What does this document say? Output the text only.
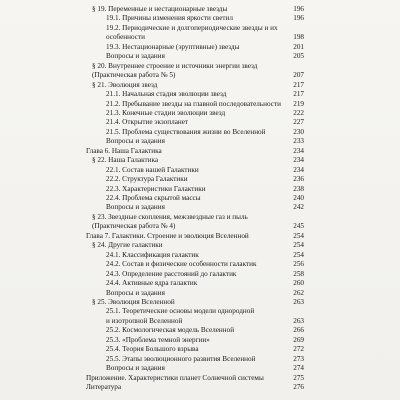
§ 19. Переменные и нестационарные звезды	196
19.1. Причины изменения яркости светил	196
19.2. Периодические и долгопериодические звезды и их
особенности	198
19.3. Нестационарные (эруптивные) звезды	201
Вопросы и задания	205
§ 20. Внутреннее строение и источники энергии звезд
(Практическая работа № 5)	207
§ 21. Эволюция звезд	217
21.1. Начальная стадия эволюции звезд	217
21.2. Пребывание звезды на главной последовательности	219
21.3. Конечные стадии эволюции звезд	222
21.4. Открытие экзопланет	227
21.5. Проблема существования жизни во Вселенной	230
Вопросы и задания	233
Глава 6. Наша Галактика	234
§ 22. Наша Галактика	234
22.1. Состав нашей Галактики	234
22.2. Структура Галактики	236
22.3. Характеристики Галактики	238
22.4. Проблема скрытой массы	240
Вопросы и задания	242
§ 23. Звездные скопления, межзвездные газ и пыль
(Практическая работа № 4)	245
Глава 7. Галактики. Строение и эволюция Вселенной	254
§ 24. Другие галактики	254
24.1. Классификация галактик	254
24.2. Состав и физические особенности галактик	256
24.3. Определение расстояний до галактик	258
24.4. Активные ядра галактик	260
Вопросы и задания	262
§ 25. Эволюция Вселенной	263
25.1. Теоретические основы модели однородной
и изотропной Вселенной	263
25.2. Космологическая модель Вселенной	266
25.3. «Проблема темной энергии»	269
25.4. Теория Большого взрыва	272
25.5. Этапы эволюционного развития Вселенной	273
Вопросы и задания	274
Приложение. Характеристики планет Солнечной системы	275
Литература	276
